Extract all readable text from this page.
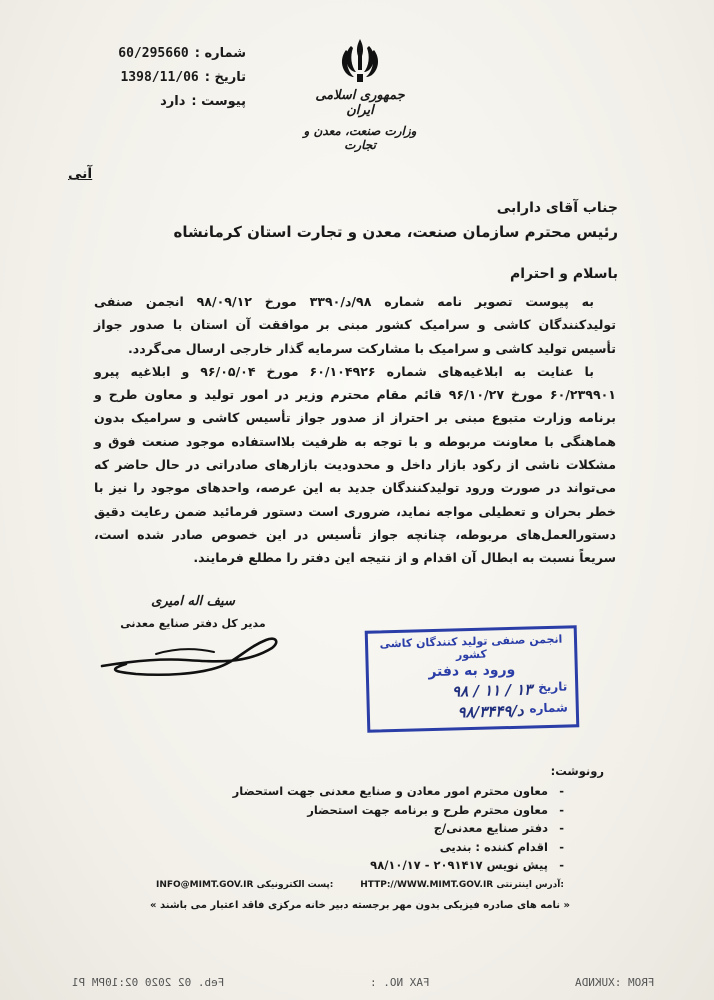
شماره :
60/295660
تاریخ :
1398/11/06
پیوست :
دارد	جمهوری اسلامی ایران
وزارت صنعت، معدن و تجارت
آنی
جناب آقای دارابی
رئیس محترم سازمان صنعت، معدن و تجارت استان کرمانشاه
باسلام و احترام

به پیوست تصویر نامه شماره ۹۸/د/۳۳۹۰ مورخ ۹۸/۰۹/۱۲ انجمن صنفی تولیدکنندگان کاشی و سرامیک کشور مبنی بر موافقت آن استان با صدور جواز تأسیس تولید کاشی و سرامیک با مشارکت سرمایه گذار خارجی ارسال می‌گردد.

با عنایت به ابلاغیه‌های شماره ۶۰/۱۰۴۹۲۶ مورخ ۹۶/۰۵/۰۴ و ابلاغیه پیرو ۶۰/۲۳۹۹۰۱ مورخ ۹۶/۱۰/۲۷ قائم مقام محترم وزیر در امور تولید و معاون طرح و برنامه وزارت متبوع مبنی بر احتراز از صدور جواز تأسیس کاشی و سرامیک بدون هماهنگی با معاونت مربوطه و با توجه به ظرفیت بلااستفاده موجود صنعت فوق و مشکلات ناشی از رکود بازار داخل و محدودیت بازارهای صادراتی در حال حاضر که می‌تواند در صورت ورود تولیدکنندگان جدید به این عرصه، واحدهای موجود را نیز با خطر بحران و تعطیلی مواجه نماید، ضروری است دستور فرمائید ضمن رعایت دقیق دستورالعمل‌های مربوطه، چنانچه جواز تأسیس در این خصوص صادر شده است، سریعاً نسبت به ابطال آن اقدام و از نتیجه این دفتر را مطلع فرمایند.

سیف اله امیری
مدیر کل دفتر صنایع معدنی
انجمن صنفی تولید کنندگان کاشی کشور
ورود به دفتر
تاریخ
۹۸ / ۱۱ / ۱۳
شماره
۹۸/د/۳۴۴۹
رونوشت:
-
معاون محترم امور معادن و صنایع معدنی جهت استحضار
-
معاون محترم طرح و برنامه جهت استحضار
-
دفتر صنایع معدنی/ج
-
اقدام کننده : بندیی
-
پیش نویس ۲۰۹۱۴۱۷ - ۹۸/۱۰/۱۷
INFO@MIMT.GOV.IR پست الکترونیکی:	HTTP://WWW.MIMT.GOV.IR آدرس اینترنتی:
« نامه های صادره فیزیکی بدون مهر برجسته دبیر خانه مرکزی فاقد اعتبار می باشند »
Feb. 02 2020 02:10PM P1	FAX NO. :	FROM :XUKNDA
